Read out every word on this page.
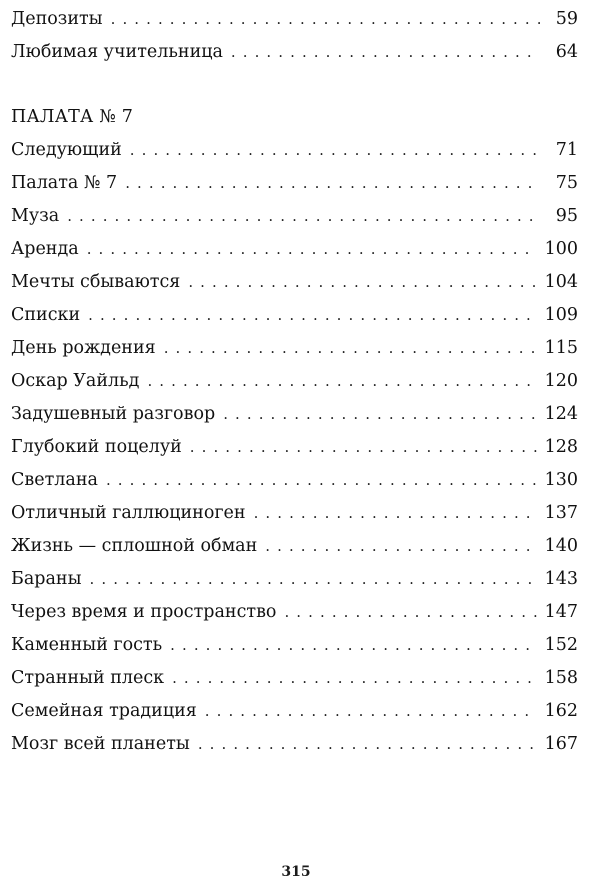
Депозиты . . .	59
Любимая учительница . . .	64
ПАЛАТА № 7
Следующий . . .	71
Палата № 7 . . .	75
Муза . . .	95
Аренда . . .	100
Мечты сбываются . . .	104
Списки . . .	109
День рождения . . .	115
Оскар Уайльд . . .	120
Задушевный разговор . . .	124
Глубокий поцелуй . . .	128
Светлана . . .	130
Отличный галлюциноген . . .	137
Жизнь — сплошной обман . . .	140
Бараны . . .	143
Через время и пространство . . .	147
Каменный гость . . .	152
Странный плеск . . .	158
Семейная традиция . . .	162
Мозг всей планеты . . .	167
315
